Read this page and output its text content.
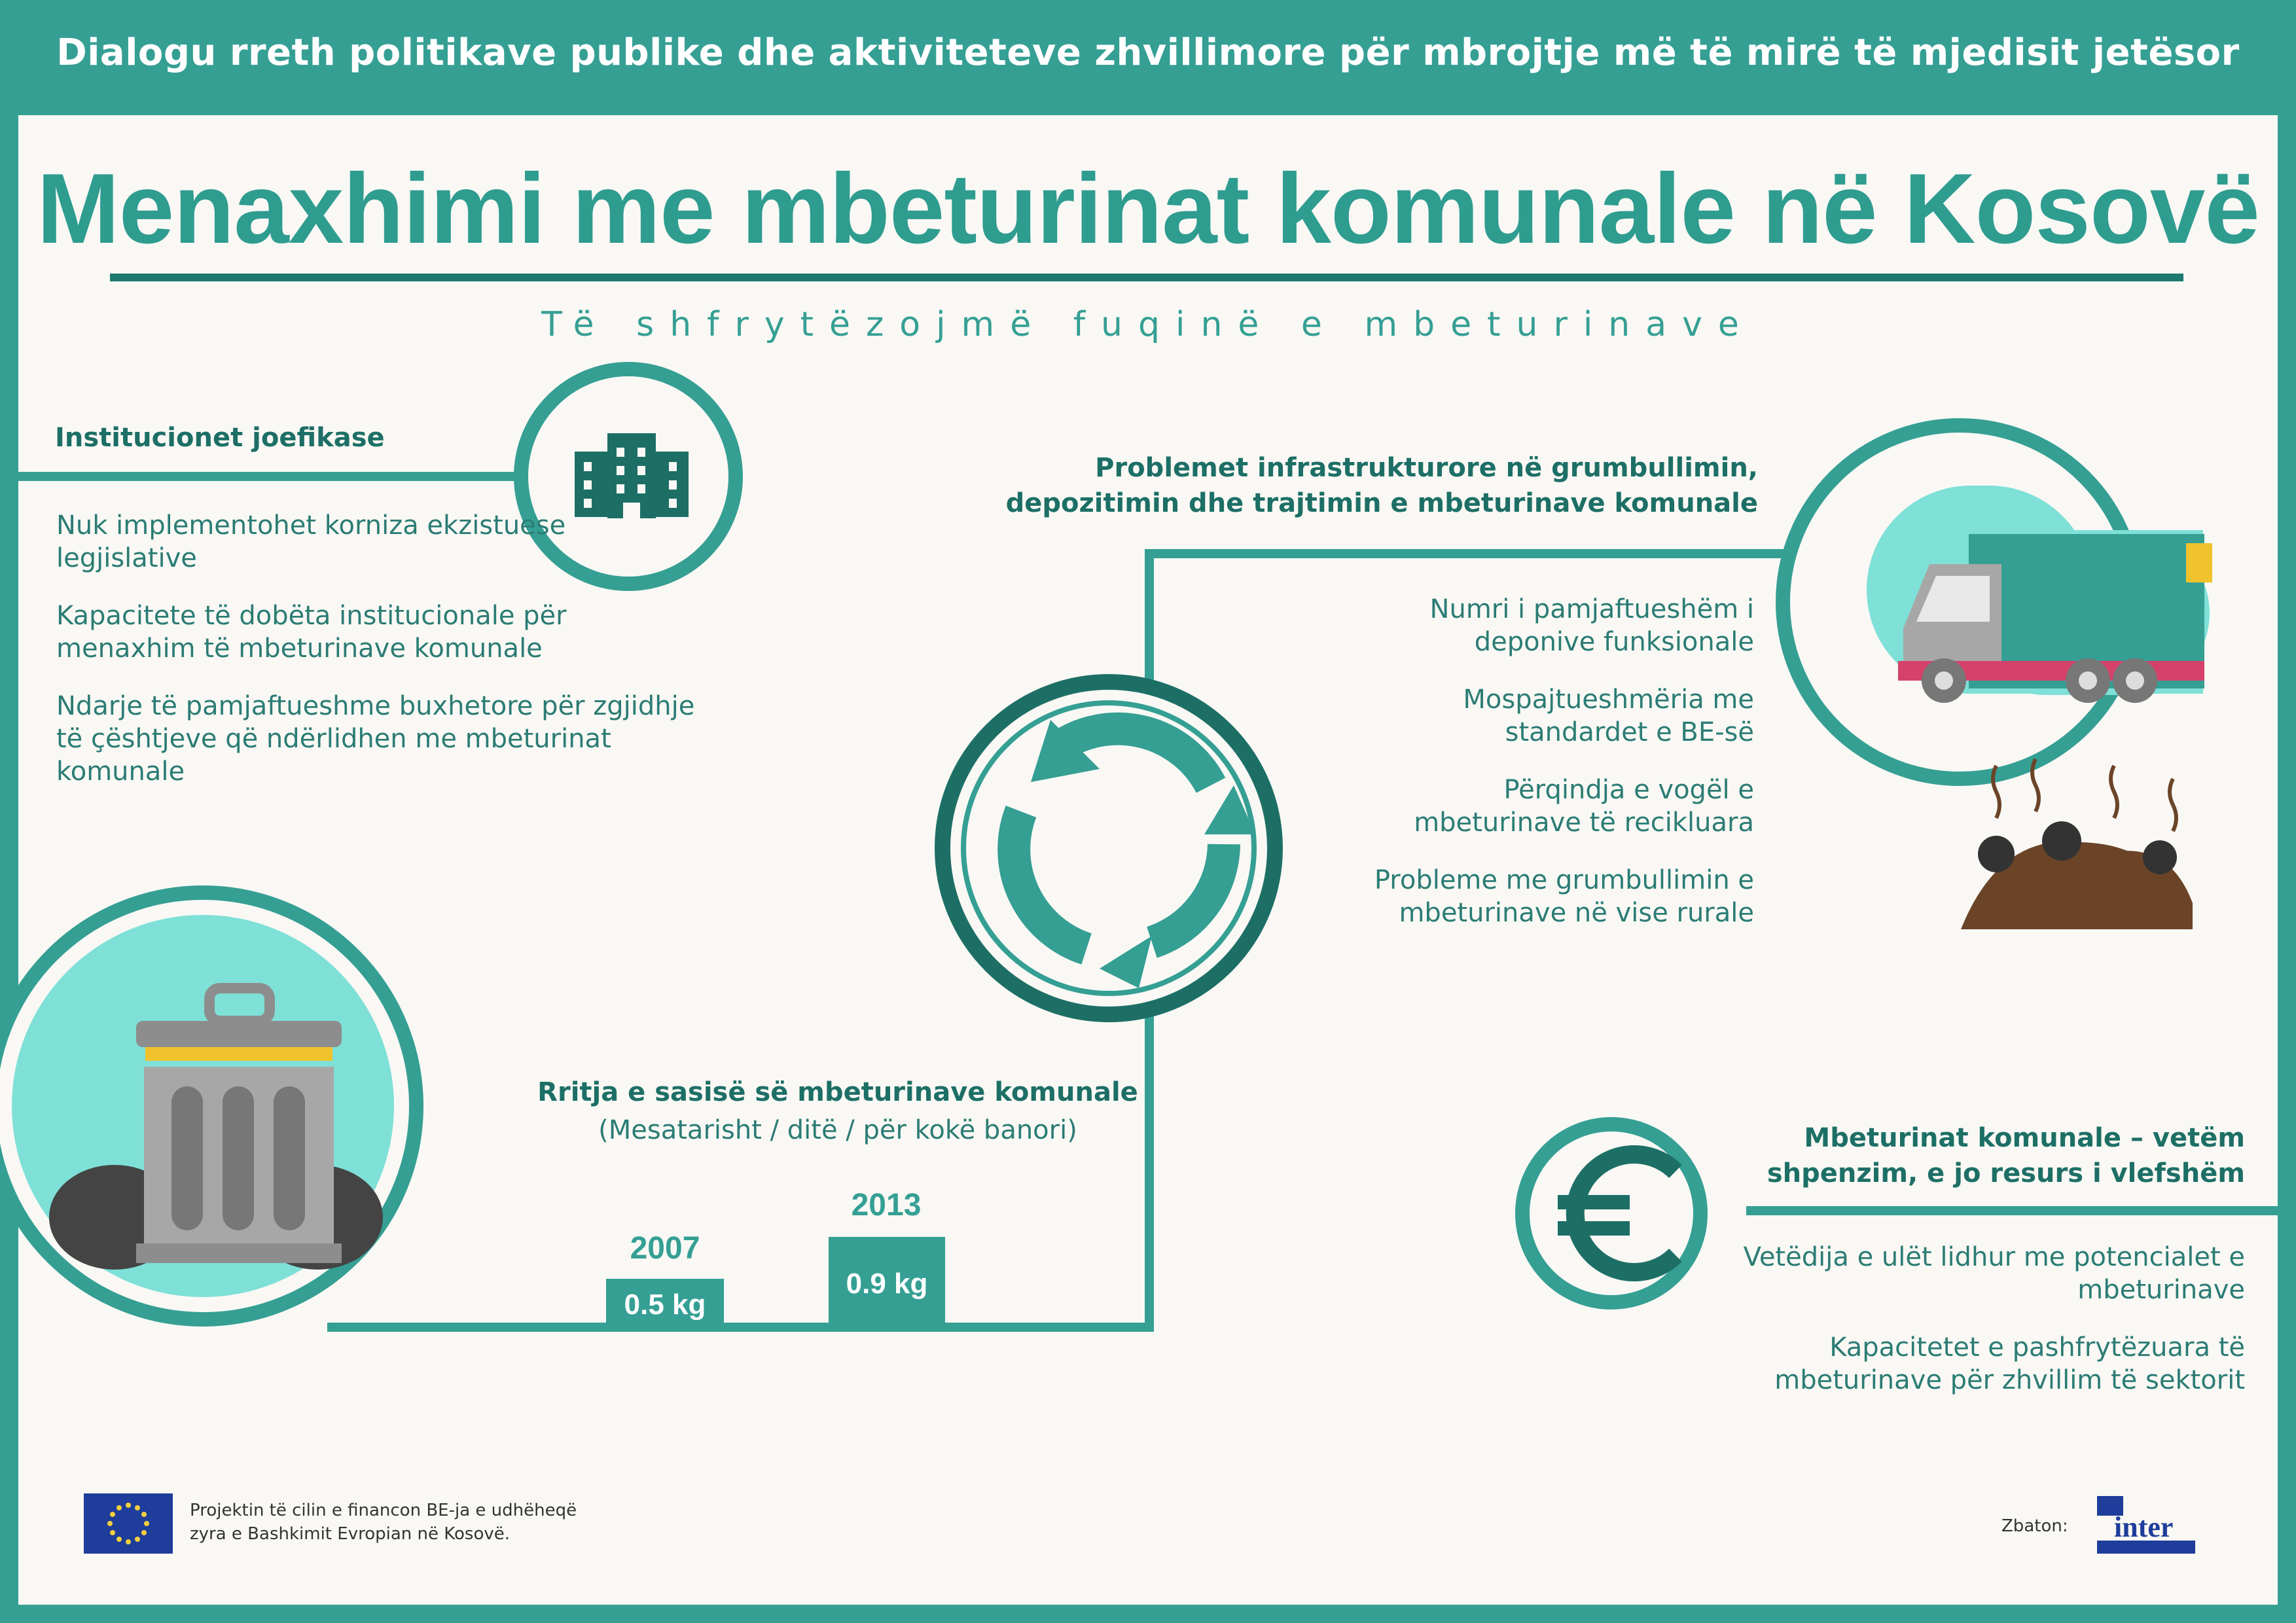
Dialogu rreth politikave publike dhe aktiviteteve zhvillimore për mbrojtje më të mirë të mjedisit jetësor
Menaxhimi me mbeturinat komunale në Kosovë
Të shfrytëzojmë fuqinë e mbeturinave
Institucionet joefikase

Nuk implementohet korniza ekzistuese legjislative

Kapacitete të dobëta institucionale për menaxhim të mbeturinave komunale

Ndarje të pamjaftueshme buxhetore për zgjidhje të çështjeve që ndërlidhen me mbeturinat komunale

Problemet infrastrukturore në grumbullimin,
depozitimin dhe trajtimin e mbeturinave komunale

Numri i pamjaftueshëm i deponive funksionale

Mospajtueshmëria me standardet e BE-së

Përqindja e vogël e mbeturinave të recikluara

Probleme me grumbullimin e mbeturinave në vise rurale

Rritja e sasisë së mbeturinave komunale
(Mesatarisht / ditë / për kokë banori)
2007
0.5 kg
2013
0.9 kg
Mbeturinat komunale – vetëm
shpenzim, e jo resurs i vlefshëm

Vetëdija e ulët lidhur me potencialet e mbeturinave

Kapacitetet e pashfrytëzuara të mbeturinave për zhvillim të sektorit

Projektin të cilin e financon BE-ja e udhëheqë
zyra e Bashkimit Evropian në Kosovë.	Zbaton: inter
